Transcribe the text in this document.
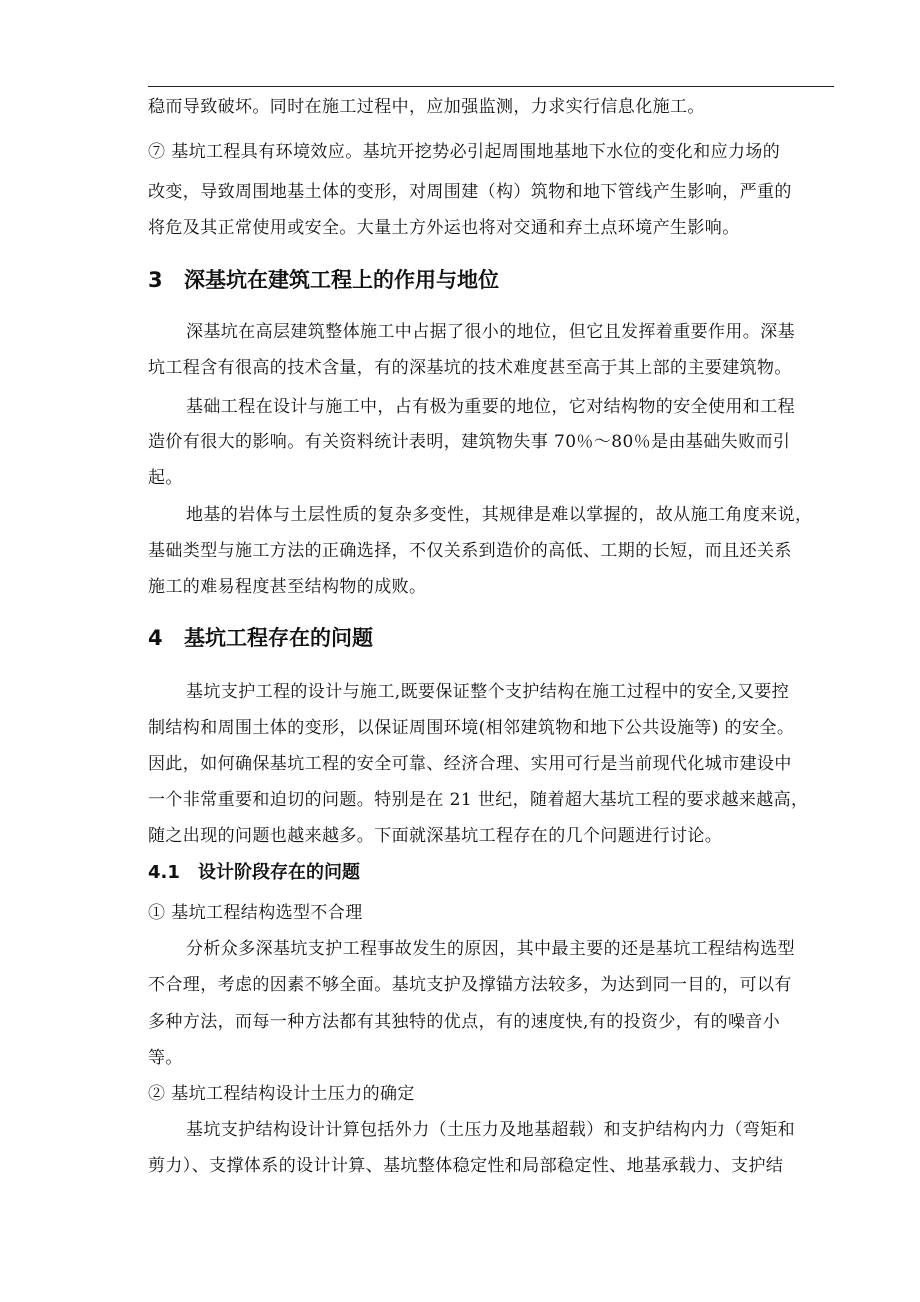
稳而导致破坏。同时在施工过程中，应加强监测，力求实行信息化施工。
⑦ 基坑工程具有环境效应。基坑开挖势必引起周围地基地下水位的变化和应力场的
改变，导致周围地基土体的变形，对周围建（构）筑物和地下管线产生影响，严重的
将危及其正常使用或安全。大量土方外运也将对交通和弃土点环境产生影响。
3 深基坑在建筑工程上的作用与地位
深基坑在高层建筑整体施工中占据了很小的地位，但它且发挥着重要作用。深基
坑工程含有很高的技术含量，有的深基坑的技术难度甚至高于其上部的主要建筑物。
基础工程在设计与施工中，占有极为重要的地位，它对结构物的安全使用和工程
造价有很大的影响。有关资料统计表明，建筑物失事 70％～80％是由基础失败而引
起。
地基的岩体与土层性质的复杂多变性，其规律是难以掌握的，故从施工角度来说，
基础类型与施工方法的正确选择，不仅关系到造价的高低、工期的长短，而且还关系
施工的难易程度甚至结构物的成败。
4 基坑工程存在的问题
基坑支护工程的设计与施工,既要保证整个支护结构在施工过程中的安全,又要控
制结构和周围土体的变形，以保证周围环境(相邻建筑物和地下公共设施等) 的安全。
因此，如何确保基坑工程的安全可靠、经济合理、实用可行是当前现代化城市建设中
一个非常重要和迫切的问题。特别是在 21 世纪，随着超大基坑工程的要求越来越高，
随之出现的问题也越来越多。下面就深基坑工程存在的几个问题进行讨论。
4.1 设计阶段存在的问题
① 基坑工程结构选型不合理
分析众多深基坑支护工程事故发生的原因，其中最主要的还是基坑工程结构选型
不合理，考虑的因素不够全面。基坑支护及撑锚方法较多，为达到同一目的，可以有
多种方法，而每一种方法都有其独特的优点，有的速度快,有的投资少，有的噪音小
等。
② 基坑工程结构设计土压力的确定
基坑支护结构设计计算包括外力（土压力及地基超载）和支护结构内力（弯矩和
剪力）、支撑体系的设计计算、基坑整体稳定性和局部稳定性、地基承载力、支护结
